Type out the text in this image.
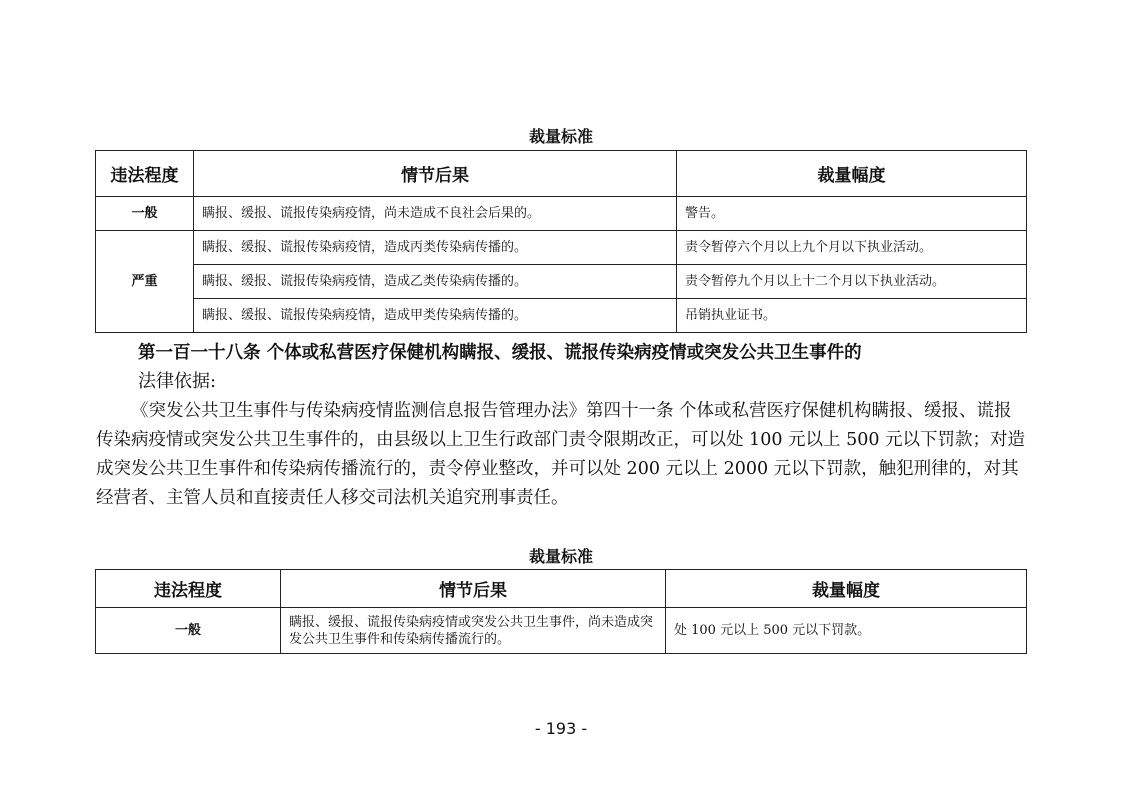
裁量标准
违法程度	情节后果	裁量幅度
一般	瞒报、缓报、谎报传染病疫情，尚未造成不良社会后果的。	警告。
严重	瞒报、缓报、谎报传染病疫情，造成丙类传染病传播的。	责令暂停六个月以上九个月以下执业活动。
	瞒报、缓报、谎报传染病疫情，造成乙类传染病传播的。	责令暂停九个月以上十二个月以下执业活动。
	瞒报、缓报、谎报传染病疫情，造成甲类传染病传播的。	吊销执业证书。
第一百一十八条 个体或私营医疗保健机构瞒报、缓报、谎报传染病疫情或突发公共卫生事件的
法律依据:

《突发公共卫生事件与传染病疫情监测信息报告管理办法》第四十一条 个体或私营医疗保健机构瞒报、缓报、谎报传染病疫情或突发公共卫生事件的，由县级以上卫生行政部门责令限期改正，可以处 100 元以上 500 元以下罚款；对造成突发公共卫生事件和传染病传播流行的，责令停业整改，并可以处 200 元以上 2000 元以下罚款，触犯刑律的，对其经营者、主管人员和直接责任人移交司法机关追究刑事责任。

裁量标准
违法程度	情节后果	裁量幅度
一般	瞒报、缓报、谎报传染病疫情或突发公共卫生事件，尚未造成突发公共卫生事件和传染病传播流行的。	处 100 元以上 500 元以下罚款。
- 193 -
